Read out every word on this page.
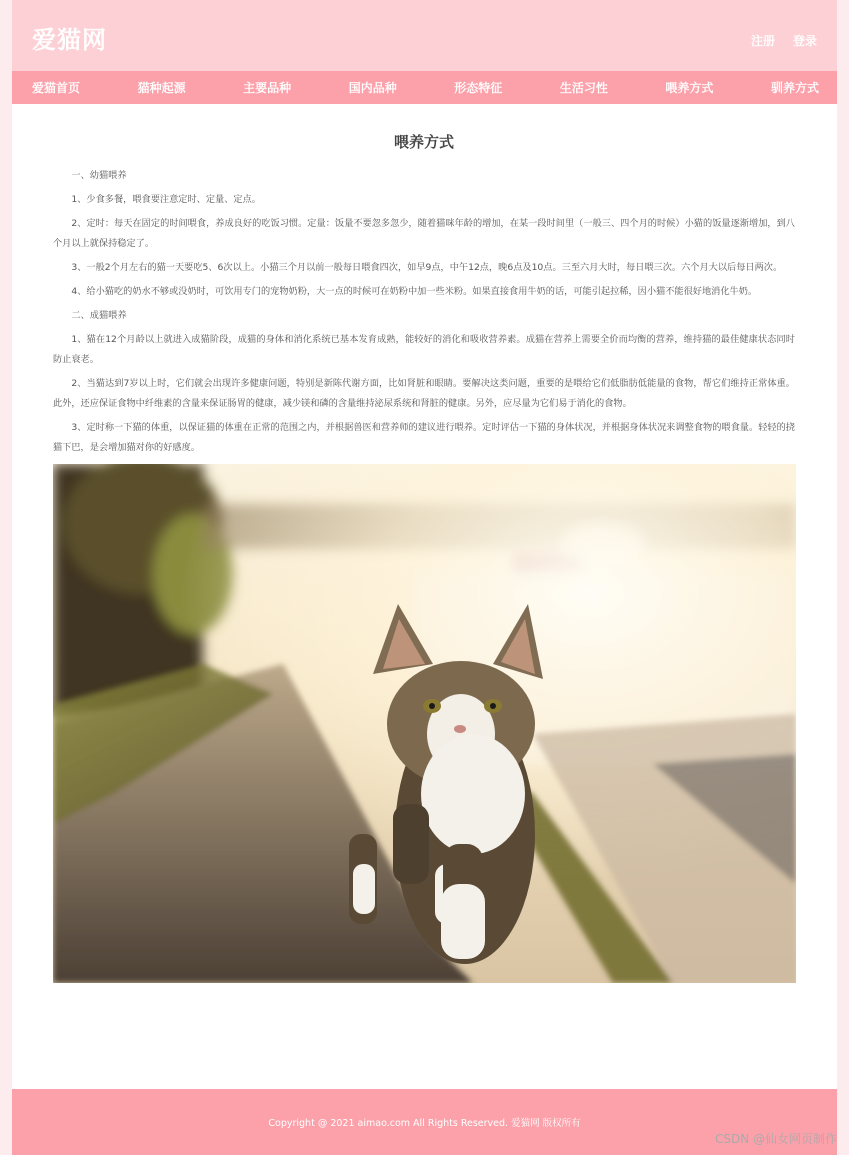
爱猫网	注册 登录
爱猫首页	猫种起源	主要品种	国内品种	形态特征	生活习性	喂养方式	驯养方式
喂养方式

一、幼猫喂养

1、少食多餐，喂食要注意定时、定量、定点。

2、定时：每天在固定的时间喂食，养成良好的吃饭习惯。定量：饭量不要忽多忽少，随着猫咪年龄的增加，在某一段时间里（一般三、四个月的时候）小猫的饭量逐渐增加，到八个月以上就保持稳定了。

3、一般2个月左右的猫一天要吃5、6次以上。小猫三个月以前一般每日喂食四次，如早9点，中午12点，晚6点及10点。三至六月大时，每日喂三次。六个月大以后每日两次。

4、给小猫吃的奶水不够或没奶时，可饮用专门的宠物奶粉，大一点的时候可在奶粉中加一些米粉。如果直接食用牛奶的话，可能引起拉稀，因小猫不能很好地消化牛奶。

二、成猫喂养

1、猫在12个月龄以上就进入成猫阶段，成猫的身体和消化系统已基本发育成熟，能较好的消化和吸收营养素。成猫在营养上需要全价而均衡的营养，维持猫的最佳健康状态同时防止衰老。

2、当猫达到7岁以上时，它们就会出现许多健康问题，特别是新陈代谢方面，比如肾脏和眼睛。要解决这类问题，重要的是喂给它们低脂肪低能量的食物，帮它们维持正常体重。此外，还应保证食物中纤维素的含量来保证肠胃的健康，减少镁和磷的含量维持泌尿系统和肾脏的健康。另外，应尽量为它们易于消化的食物。

3、定时称一下猫的体重，以保证猫的体重在正常的范围之内，并根据兽医和营养师的建议进行喂养。定时评估一下猫的身体状况，并根据身体状况来调整食物的喂食量。轻轻的挠猫下巴，是会增加猫对你的好感度。

Copyright @ 2021 aimao.com All Rights Reserved. 爱猫网 版权所有
CSDN @仙女网页制作
